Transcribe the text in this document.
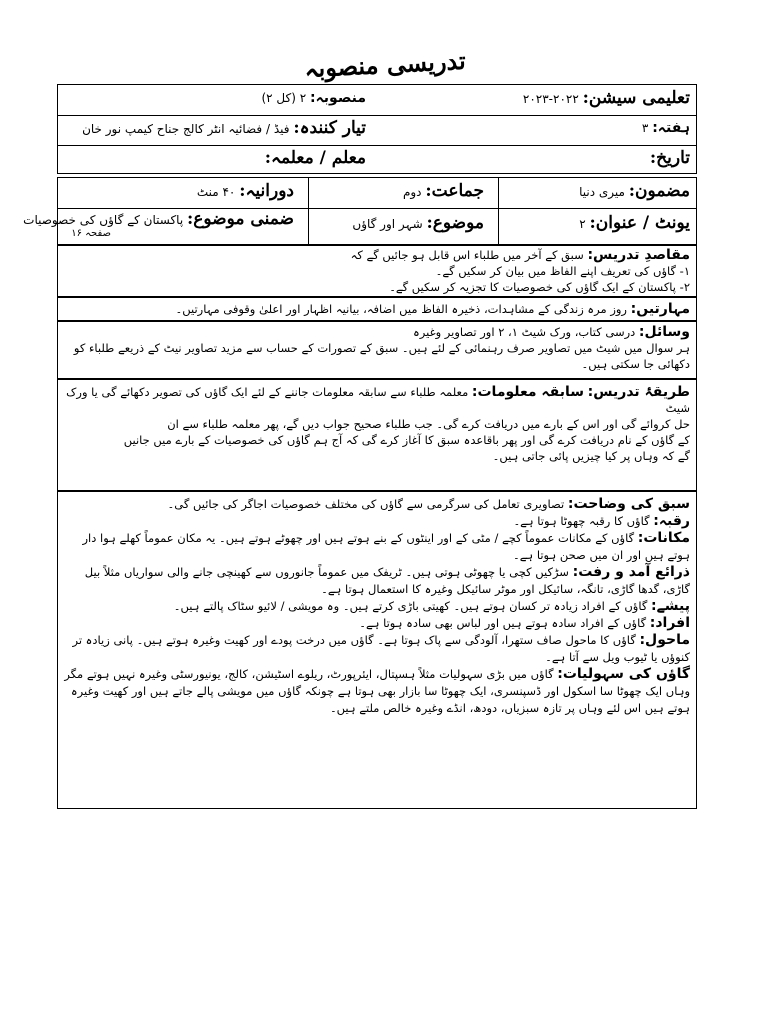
تدریسی منصوبہ
تعلیمی سیشن: ۲۰۲۲-۲۰۲۳
منصوبہ: ۲ (کل ۲)
ہفتہ: ۳
تیار کنندہ: فیڈ / فضائیہ انٹر کالج جناح کیمپ نور خان
تاریخ:
معلم / معلمہ:
مضمون: میری دنیا
جماعت: دوم
دورانیہ: ۴۰ منٹ
یونٹ / عنوان: ۲
موضوع: شہر اور گاؤں
ضمنی موضوع: پاکستان کے گاؤں کی خصوصیات
صفحہ ۱۶

مقاصدِ تدریس: سبق کے آخر میں طلباء اس قابل ہو جائیں گے کہ

۱- گاؤں کی تعریف اپنے الفاظ میں بیان کر سکیں گے۔

۲- پاکستان کے ایک گاؤں کی خصوصیات کا تجزیہ کر سکیں گے۔

مہارتیں: روز مرہ زندگی کے مشاہدات، ذخیرہ الفاظ میں اضافہ، بیانیہ اظہار اور اعلیٰ وقوفی مہارتیں۔

وسائل: درسی کتاب، ورک شیٹ ۱، ۲ اور تصاویر وغیرہ

ہر سوال میں شیٹ میں تصاویر صرف رہنمائی کے لئے ہیں۔ سبق کے تصورات کے حساب سے مزید تصاویر نیٹ کے ذریعے طلباء کو

دکھائی جا سکتی ہیں۔

طریقۂ تدریس: سابقہ معلومات: معلمہ طلباء سے سابقہ معلومات جاننے کے لئے ایک گاؤں کی تصویر دکھائے گی یا ورک شیٹ

حل کروائے گی اور اس کے بارے میں دریافت کرے گی۔ جب طلباء صحیح جواب دیں گے، پھر معلمہ طلباء سے ان

کے گاؤں کے نام دریافت کرے گی اور پھر باقاعدہ سبق کا آغاز کرے گی کہ آج ہم گاؤں کی خصوصیات کے بارے میں جانیں

گے کہ وہاں پر کیا چیزیں پائی جاتی ہیں۔

سبق کی وضاحت: تصاویری تعامل کی سرگرمی سے گاؤں کی مختلف خصوصیات اجاگر کی جائیں گی۔

رقبہ: گاؤں کا رقبہ چھوٹا ہوتا ہے۔

مکانات: گاؤں کے مکانات عموماً کچے / مٹی کے اور اینٹوں کے بنے ہوتے ہیں اور چھوٹے ہوتے ہیں۔ یہ مکان عموماً کھلے ہوا دار ہوتے ہیں اور ان میں صحن ہوتا ہے۔

ذرائع آمد و رفت: سڑکیں کچی یا چھوٹی ہوتی ہیں۔ ٹریفک میں عموماً جانوروں سے کھینچی جانے والی سواریاں مثلاً بیل گاڑی، گدھا گاڑی، تانگہ، سائیکل اور موٹر سائیکل وغیرہ کا استعمال ہوتا ہے۔

پیشے: گاؤں کے افراد زیادہ تر کسان ہوتے ہیں۔ کھیتی باڑی کرتے ہیں۔ وہ مویشی / لائیو سٹاک پالتے ہیں۔

افراد: گاؤں کے افراد سادہ ہوتے ہیں اور لباس بھی سادہ ہوتا ہے۔

ماحول: گاؤں کا ماحول صاف ستھرا، آلودگی سے پاک ہوتا ہے۔ گاؤں میں درخت پودے اور کھیت وغیرہ ہوتے ہیں۔ پانی زیادہ تر کنوؤں یا ٹیوب ویل سے آتا ہے۔

گاؤں کی سہولیات: گاؤں میں بڑی سہولیات مثلاً ہسپتال، ایئرپورٹ، ریلوے اسٹیشن، کالج، یونیورسٹی وغیرہ نہیں ہوتے مگر وہاں ایک چھوٹا سا اسکول اور ڈسپنسری، ایک چھوٹا سا بازار بھی ہوتا ہے چونکہ گاؤں میں مویشی پالے جاتے ہیں اور کھیت وغیرہ ہوتے ہیں اس لئے وہاں پر تازہ سبزیاں، دودھ، انڈے وغیرہ خالص ملتے ہیں۔
